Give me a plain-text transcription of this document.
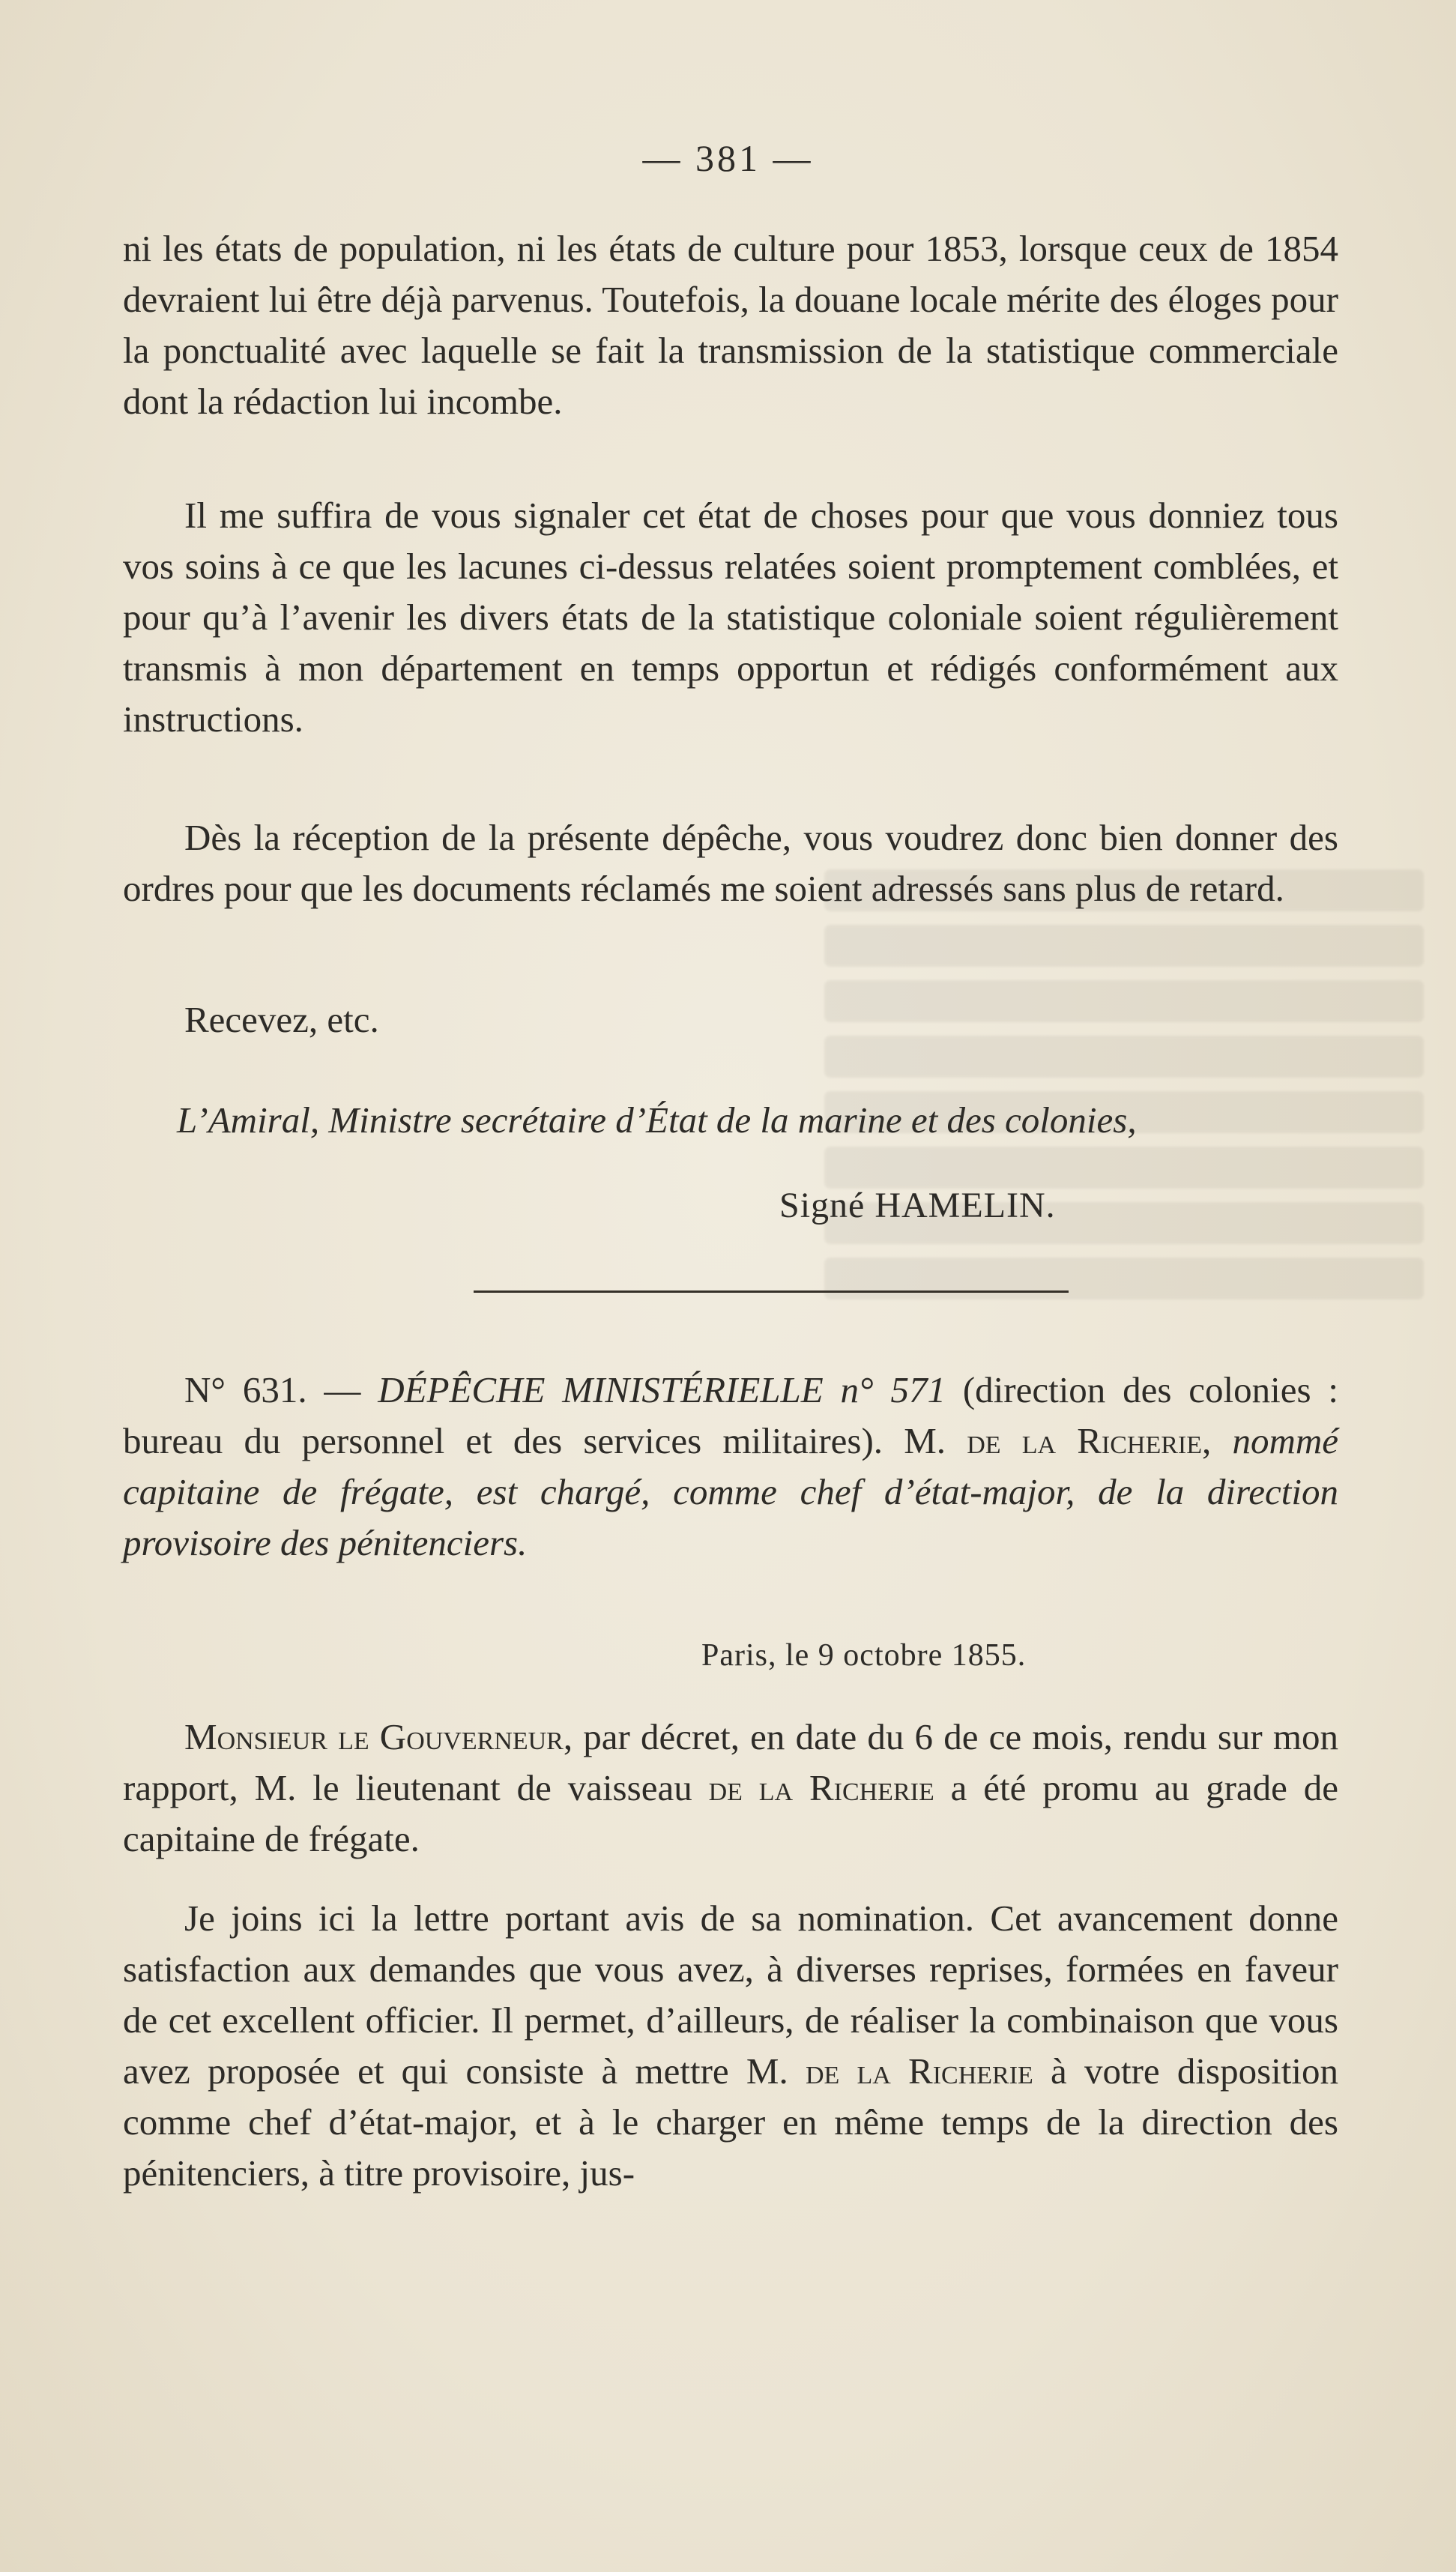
— 381 —

ni les états de population, ni les états de culture pour 1853, lorsque ceux de 1854 devraient lui être déjà parvenus. Toutefois, la douane locale mérite des éloges pour la ponctualité avec laquelle se fait la transmission de la statistique commerciale dont la rédaction lui incombe.

Il me suffira de vous signaler cet état de choses pour que vous donniez tous vos soins à ce que les lacunes ci-dessus relatées soient promptement comblées, et pour qu’à l’avenir les divers états de la statistique coloniale soient régulièrement transmis à mon département en temps opportun et rédigés conformément aux instructions.

Dès la réception de la présente dépêche, vous voudrez donc bien donner des ordres pour que les documents réclamés me soient adressés sans plus de retard.

Recevez, etc.

L’Amiral, Ministre secrétaire d’État de la marine et des colonies,
Signé HAMELIN.

N° 631. — DÉPÊCHE MINISTÉRIELLE n° 571 (direction des colonies : bureau du personnel et des services militaires). M. de la Richerie, nommé capitaine de frégate, est chargé, comme chef d’état-major, de la direction provisoire des pénitenciers.

Paris, le 9 octobre 1855.

Monsieur le Gouverneur, par décret, en date du 6 de ce mois, rendu sur mon rapport, M. le lieutenant de vaisseau de la Richerie a été promu au grade de capitaine de frégate.

Je joins ici la lettre portant avis de sa nomination. Cet avancement donne satisfaction aux demandes que vous avez, à diverses reprises, formées en faveur de cet excellent officier. Il permet, d’ailleurs, de réaliser la combinaison que vous avez proposée et qui consiste à mettre M. de la Richerie à votre disposition comme chef d’état-major, et à le charger en même temps de la direction des pénitenciers, à titre provisoire, jus-
